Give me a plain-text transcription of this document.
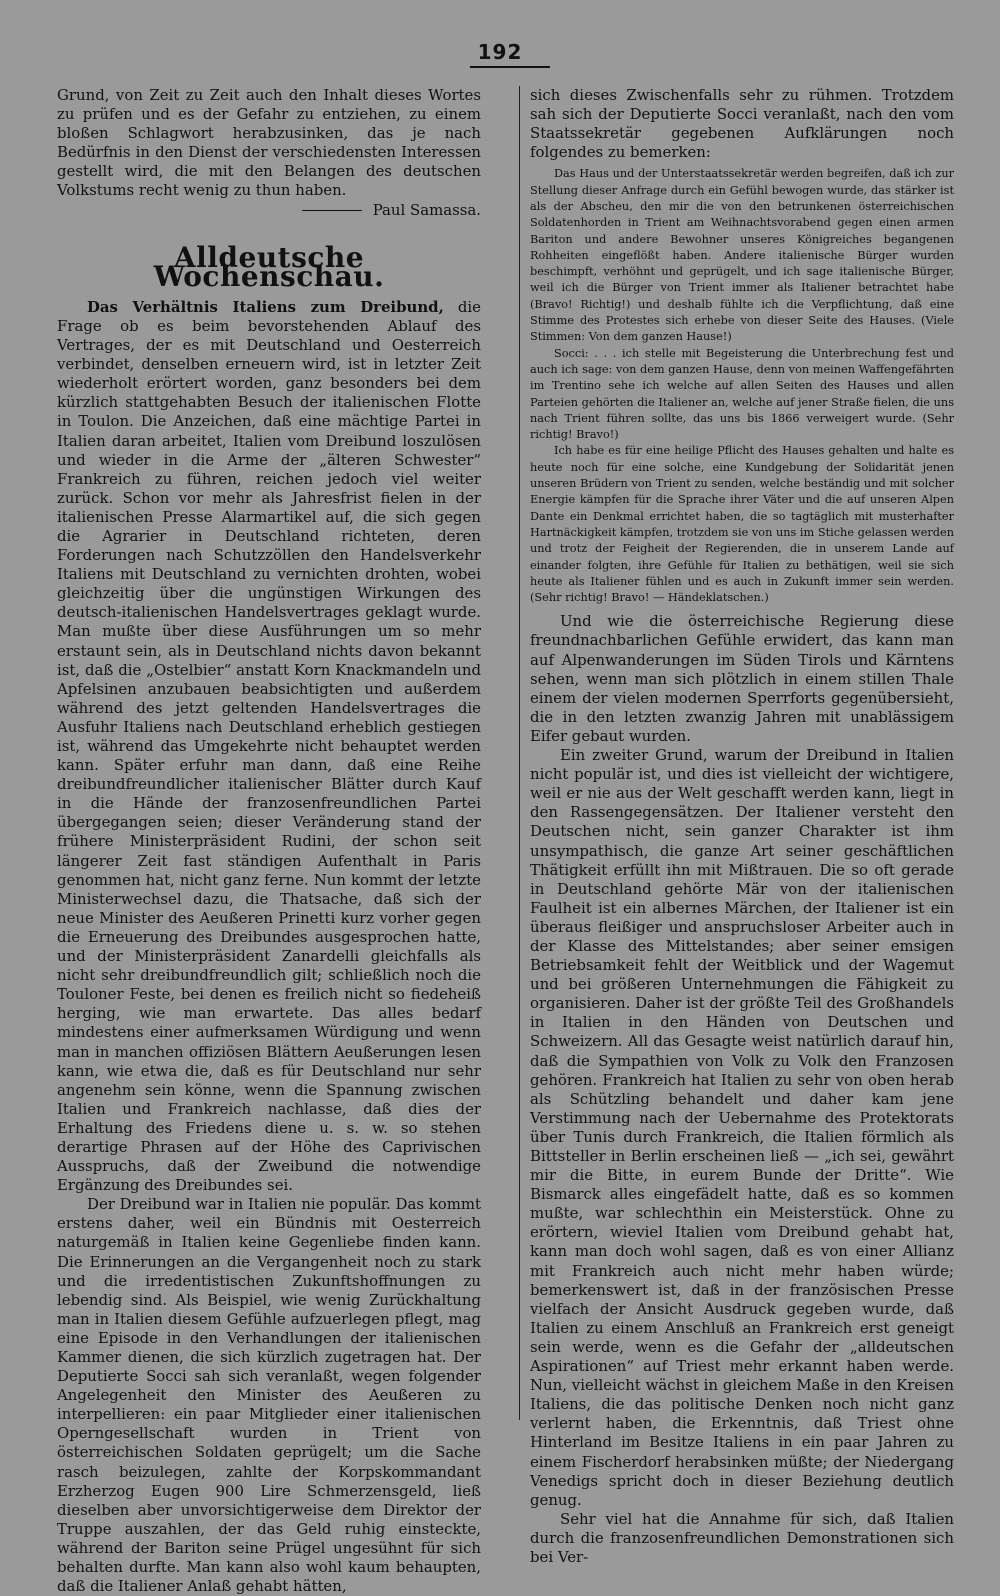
192

Grund, von Zeit zu Zeit auch den Inhalt dieses Wortes zu prüfen und es der Gefahr zu entziehen, zu einem bloßen Schlagwort herabzusinken, das je nach Bedürfnis in den Dienst der verschiedensten Interessen gestellt wird, die mit den Belangen des deutschen Volkstums recht wenig zu thun haben.

Paul Samassa.

Alldeutsche Wochenschau.

Das Verhältnis Italiens zum Dreibund, die Frage ob es beim bevorstehenden Ablauf des Vertrages, der es mit Deutschland und Oesterreich verbindet, denselben erneuern wird, ist in letzter Zeit wiederholt erörtert worden, ganz besonders bei dem kürzlich stattgehabten Besuch der italienischen Flotte in Toulon. Die Anzeichen, daß eine mächtige Partei in Italien daran arbeitet, Italien vom Dreibund loszulösen und wieder in die Arme der „älteren Schwester“ Frankreich zu führen, reichen jedoch viel weiter zurück. Schon vor mehr als Jahresfrist fielen in der italienischen Presse Alarmartikel auf, die sich gegen die Agrarier in Deutschland richteten, deren Forderungen nach Schutzzöllen den Handelsverkehr Italiens mit Deutschland zu vernichten drohten, wobei gleichzeitig über die ungünstigen Wirkungen des deutsch-italienischen Handelsvertrages geklagt wurde. Man mußte über diese Ausführungen um so mehr erstaunt sein, als in Deutschland nichts davon bekannt ist, daß die „Ostelbier“ anstatt Korn Knackmandeln und Apfelsinen anzubauen beabsichtigten und außerdem während des jetzt geltenden Handelsvertrages die Ausfuhr Italiens nach Deutschland erheblich gestiegen ist, während das Umgekehrte nicht behauptet werden kann. Später erfuhr man dann, daß eine Reihe dreibundfreundlicher italienischer Blätter durch Kauf in die Hände der franzosenfreundlichen Partei übergegangen seien; dieser Veränderung stand der frühere Ministerpräsident Rudini, der schon seit längerer Zeit fast ständigen Aufenthalt in Paris genommen hat, nicht ganz ferne. Nun kommt der letzte Ministerwechsel dazu, die Thatsache, daß sich der neue Minister des Aeußeren Prinetti kurz vorher gegen die Erneuerung des Dreibundes ausgesprochen hatte, und der Ministerpräsident Zanardelli gleichfalls als nicht sehr dreibundfreundlich gilt; schließlich noch die Touloner Feste, bei denen es freilich nicht so fiedeheiß herging, wie man erwartete. Das alles bedarf mindestens einer aufmerksamen Würdigung und wenn man in manchen offiziösen Blättern Aeußerungen lesen kann, wie etwa die, daß es für Deutschland nur sehr angenehm sein könne, wenn die Spannung zwischen Italien und Frankreich nachlasse, daß dies der Erhaltung des Friedens diene u. s. w. so stehen derartige Phrasen auf der Höhe des Caprivischen Ausspruchs, daß der Zweibund die notwendige Ergänzung des Dreibundes sei.

Der Dreibund war in Italien nie populär. Das kommt erstens daher, weil ein Bündnis mit Oesterreich naturgemäß in Italien keine Gegenliebe finden kann. Die Erinnerungen an die Vergangenheit noch zu stark und die irredentistischen Zukunftshoffnungen zu lebendig sind. Als Beispiel, wie wenig Zurückhaltung man in Italien diesem Gefühle aufzuerlegen pflegt, mag eine Episode in den Verhandlungen der italienischen Kammer dienen, die sich kürzlich zugetragen hat. Der Deputierte Socci sah sich veranlaßt, wegen folgender Angelegenheit den Minister des Aeußeren zu interpellieren: ein paar Mitglieder einer italienischen Operngesellschaft wurden in Trient von österreichischen Soldaten geprügelt; um die Sache rasch beizulegen, zahlte der Korpskommandant Erzherzog Eugen 900 Lire Schmerzensgeld, ließ dieselben aber unvorsichtigerweise dem Direktor der Truppe auszahlen, der das Geld ruhig einsteckte, während der Bariton seine Prügel ungesühnt für sich behalten durfte. Man kann also wohl kaum behaupten, daß die Italiener Anlaß gehabt hätten,

sich dieses Zwischenfalls sehr zu rühmen. Trotzdem sah sich der Deputierte Socci veranlaßt, nach den vom Staatssekretär gegebenen Aufklärungen noch folgendes zu bemerken:

Das Haus und der Unterstaatssekretär werden begreifen, daß ich zur Stellung dieser Anfrage durch ein Gefühl bewogen wurde, das stärker ist als der Abscheu, den mir die von den betrunkenen österreichischen Soldatenhorden in Trient am Weihnachtsvorabend gegen einen armen Bariton und andere Bewohner unseres Königreiches begangenen Rohheiten eingeflößt haben. Andere italienische Bürger wurden beschimpft, verhöhnt und geprügelt, und ich sage italienische Bürger, weil ich die Bürger von Trient immer als Italiener betrachtet habe (Bravo! Richtig!) und deshalb fühlte ich die Verpflichtung, daß eine Stimme des Protestes sich erhebe von dieser Seite des Hauses. (Viele Stimmen: Von dem ganzen Hause!)

Socci: . . . ich stelle mit Begeisterung die Unterbrechung fest und auch ich sage: von dem ganzen Hause, denn von meinen Waffengefährten im Trentino sehe ich welche auf allen Seiten des Hauses und allen Parteien gehörten die Italiener an, welche auf jener Straße fielen, die uns nach Trient führen sollte, das uns bis 1866 verweigert wurde. (Sehr richtig! Bravo!)

Ich habe es für eine heilige Pflicht des Hauses gehalten und halte es heute noch für eine solche, eine Kundgebung der Solidarität jenen unseren Brüdern von Trient zu senden, welche beständig und mit solcher Energie kämpfen für die Sprache ihrer Väter und die auf unseren Alpen Dante ein Denkmal errichtet haben, die so tagtäglich mit musterhafter Hartnäckigkeit kämpfen, trotzdem sie von uns im Stiche gelassen werden und trotz der Feigheit der Regierenden, die in unserem Lande auf einander folgten, ihre Gefühle für Italien zu bethätigen, weil sie sich heute als Italiener fühlen und es auch in Zukunft immer sein werden. (Sehr richtig! Bravo! — Händeklatschen.)

Und wie die österreichische Regierung diese freundnachbarlichen Gefühle erwidert, das kann man auf Alpenwanderungen im Süden Tirols und Kärntens sehen, wenn man sich plötzlich in einem stillen Thale einem der vielen modernen Sperrforts gegenübersieht, die in den letzten zwanzig Jahren mit unablässigem Eifer gebaut wurden.

Ein zweiter Grund, warum der Dreibund in Italien nicht populär ist, und dies ist vielleicht der wichtigere, weil er nie aus der Welt geschafft werden kann, liegt in den Rassengegensätzen. Der Italiener versteht den Deutschen nicht, sein ganzer Charakter ist ihm unsympathisch, die ganze Art seiner geschäftlichen Thätigkeit erfüllt ihn mit Mißtrauen. Die so oft gerade in Deutschland gehörte Mär von der italienischen Faulheit ist ein albernes Märchen, der Italiener ist ein überaus fleißiger und anspruchsloser Arbeiter auch in der Klasse des Mittelstandes; aber seiner emsigen Betriebsamkeit fehlt der Weitblick und der Wagemut und bei größeren Unternehmungen die Fähigkeit zu organisieren. Daher ist der größte Teil des Großhandels in Italien in den Händen von Deutschen und Schweizern. All das Gesagte weist natürlich darauf hin, daß die Sympathien von Volk zu Volk den Franzosen gehören. Frankreich hat Italien zu sehr von oben herab als Schützling behandelt und daher kam jene Verstimmung nach der Uebernahme des Protektorats über Tunis durch Frankreich, die Italien förmlich als Bittsteller in Berlin erscheinen ließ — „ich sei, gewährt mir die Bitte, in eurem Bunde der Dritte“. Wie Bismarck alles eingefädelt hatte, daß es so kommen mußte, war schlechthin ein Meisterstück. Ohne zu erörtern, wieviel Italien vom Dreibund gehabt hat, kann man doch wohl sagen, daß es von einer Allianz mit Frankreich auch nicht mehr haben würde; bemerkenswert ist, daß in der französischen Presse vielfach der Ansicht Ausdruck gegeben wurde, daß Italien zu einem Anschluß an Frankreich erst geneigt sein werde, wenn es die Gefahr der „alldeutschen Aspirationen“ auf Triest mehr erkannt haben werde. Nun, vielleicht wächst in gleichem Maße in den Kreisen Italiens, die das politische Denken noch nicht ganz verlernt haben, die Erkenntnis, daß Triest ohne Hinterland im Besitze Italiens in ein paar Jahren zu einem Fischerdorf herabsinken müßte; der Niedergang Venedigs spricht doch in dieser Beziehung deutlich genug.

Sehr viel hat die Annahme für sich, daß Italien durch die franzosenfreundlichen Demonstrationen sich bei Ver-
